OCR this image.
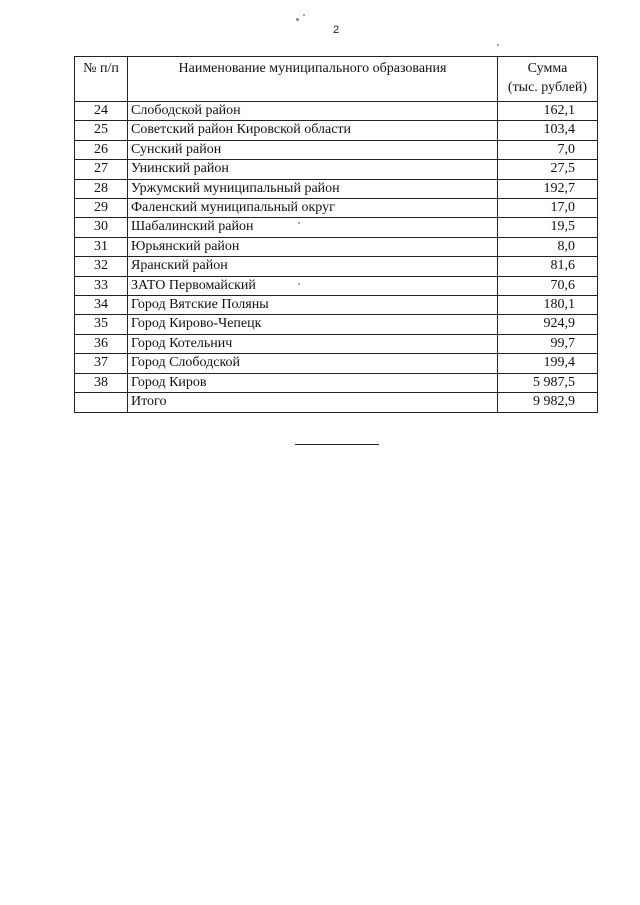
2
№ п/п	Наименование муниципального образования	Сумма
(тыс. рублей)

24	Слободской район	162,1
25	Советский район Кировской области	103,4
26	Сунский район	7,0
27	Унинский район	27,5
28	Уржумский муниципальный район	192,7
29	Фаленский муниципальный округ	17,0
30	Шабалинский район	19,5
31	Юрьянский район	8,0
32	Яранский район	81,6
33	ЗАТО Первомайский	70,6
34	Город Вятские Поляны	180,1
35	Город Кирово-Чепецк	924,9
36	Город Котельнич	99,7
37	Город Слободской	199,4
38	Город Киров	5 987,5
	Итого	9 982,9
